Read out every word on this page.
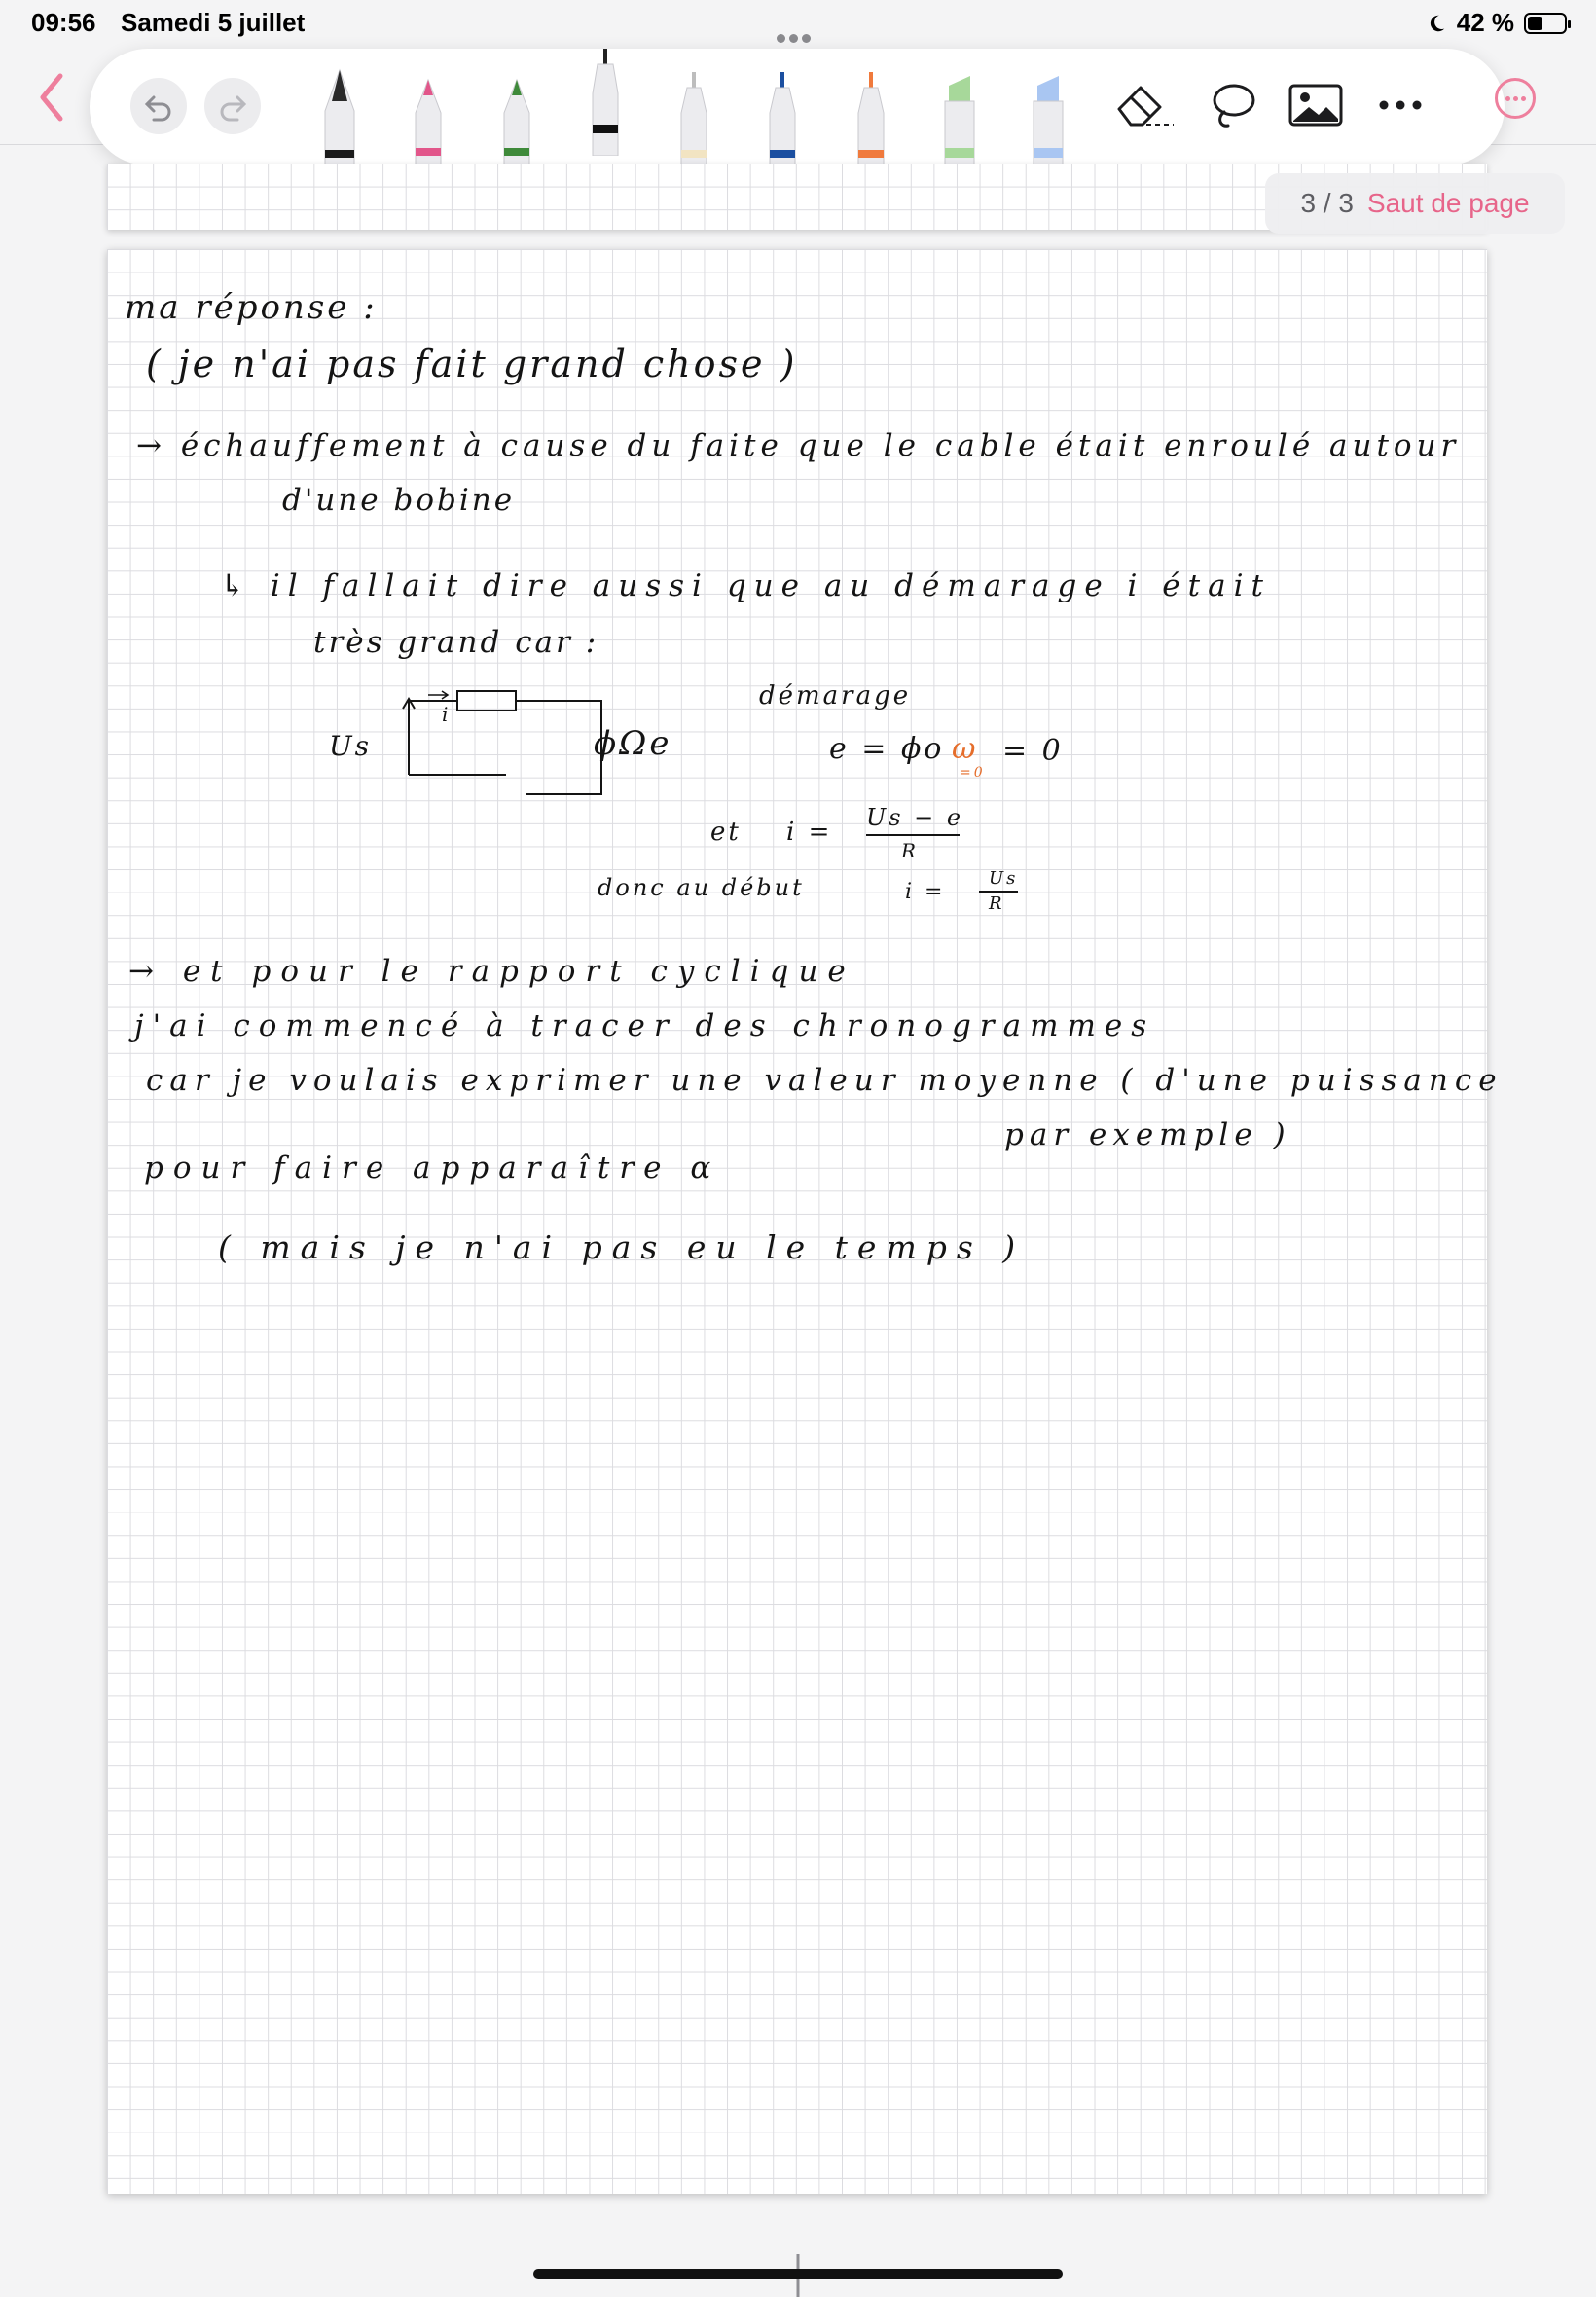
09:56 Samedi 5 juillet	42 %
3 / 3 Saut de page
ma réponse :
( je n'ai pas fait grand chose )
→ échauffement à cause du faite que le cable était enroulé autour
d'une bobine
↳ il fallait dire aussi que au démarage i était
très grand car :
Us
i
ϕΩe
démarage
e = ϕo ω
=0
= 0
et i = Us − e
R
donc au début	i =
Us
R
→ et pour le rapport cyclique
j'ai commencé à tracer des chronogrammes
car je voulais exprimer une valeur moyenne ( d'une puissance
par exemple )
pour faire apparaître α
( mais je n'ai pas eu le temps )
